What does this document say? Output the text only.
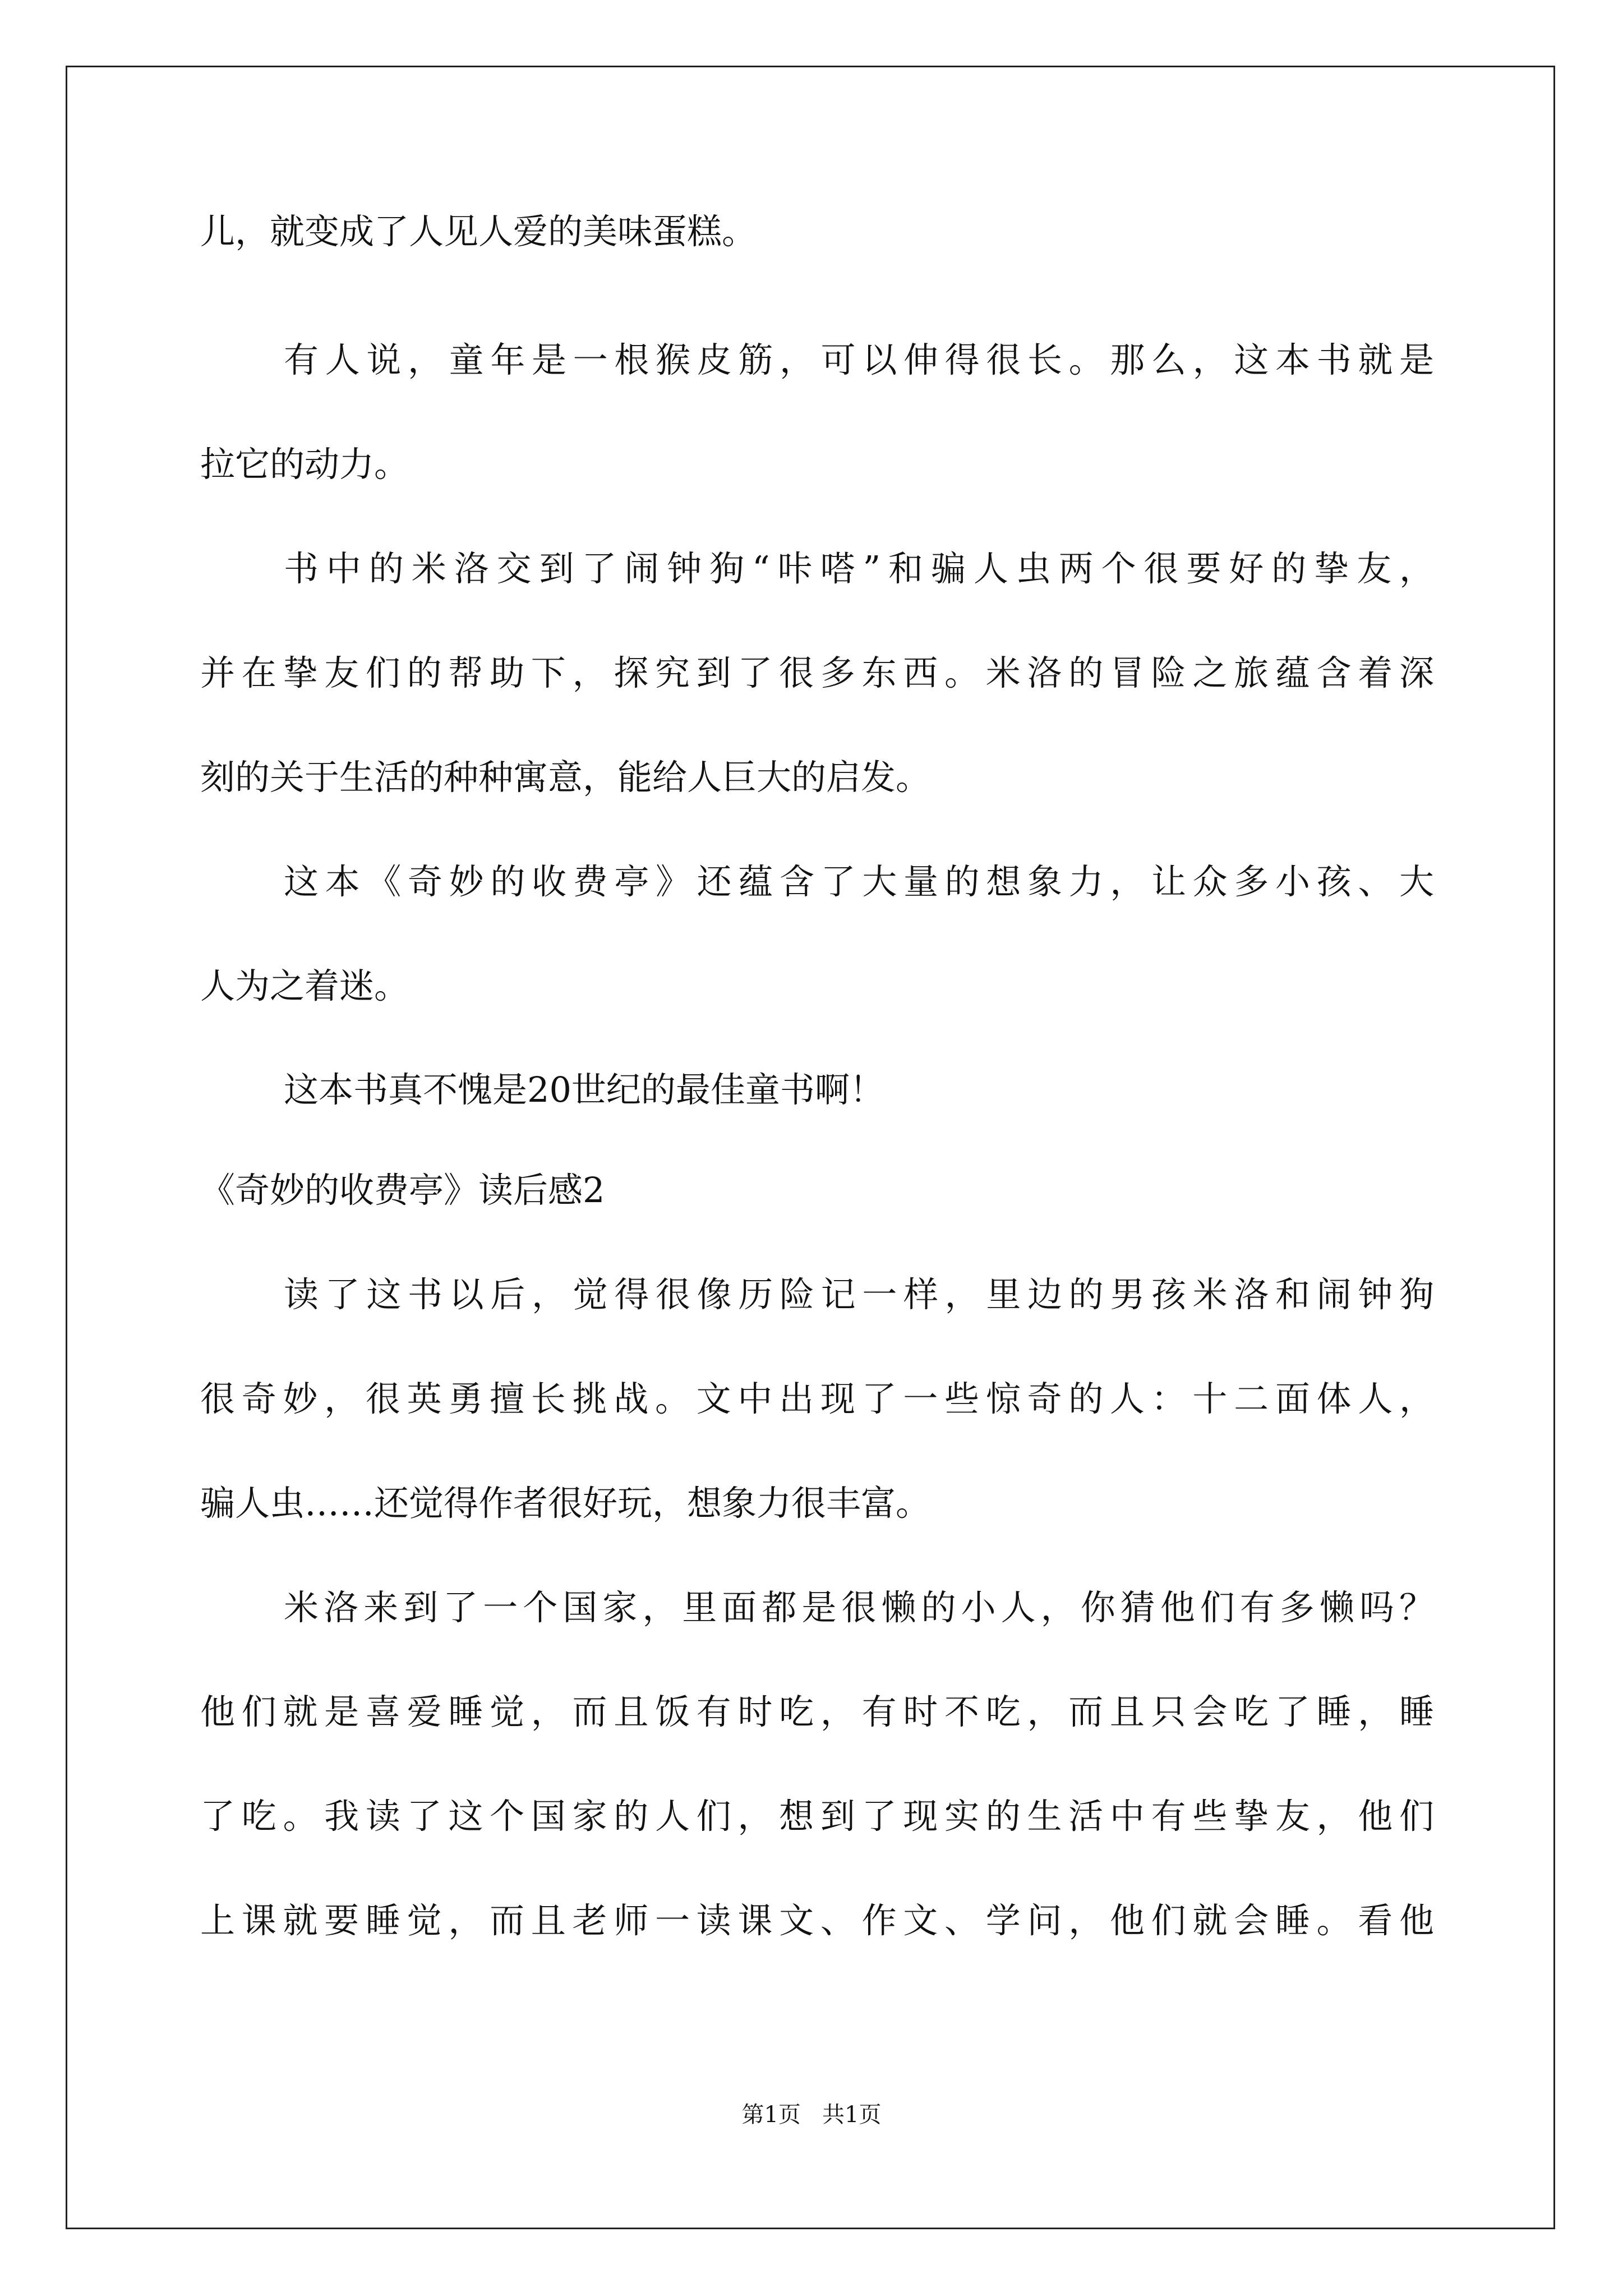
儿，就变成了人见人爱的美味蛋糕。
有人说，童年是一根猴皮筋，可以伸得很长。那么，这本书就是
拉它的动力。
书中的米洛交到了闹钟狗“咔嗒”和骗人虫两个很要好的挚友，
并在挚友们的帮助下，探究到了很多东西。米洛的冒险之旅蕴含着深
刻的关于生活的种种寓意，能给人巨大的启发。
这本《奇妙的收费亭》还蕴含了大量的想象力，让众多小孩、大
人为之着迷。
这本书真不愧是20世纪的最佳童书啊！
《奇妙的收费亭》读后感2
读了这书以后，觉得很像历险记一样，里边的男孩米洛和闹钟狗
很奇妙，很英勇擅长挑战。文中出现了一些惊奇的人：十二面体人，
骗人虫……还觉得作者很好玩，想象力很丰富。
米洛来到了一个国家，里面都是很懒的小人，你猜他们有多懒吗？
他们就是喜爱睡觉，而且饭有时吃，有时不吃，而且只会吃了睡，睡
了吃。我读了这个国家的人们，想到了现实的生活中有些挚友，他们
上课就要睡觉，而且老师一读课文、作文、学问，他们就会睡。看他
第1页   共1页
